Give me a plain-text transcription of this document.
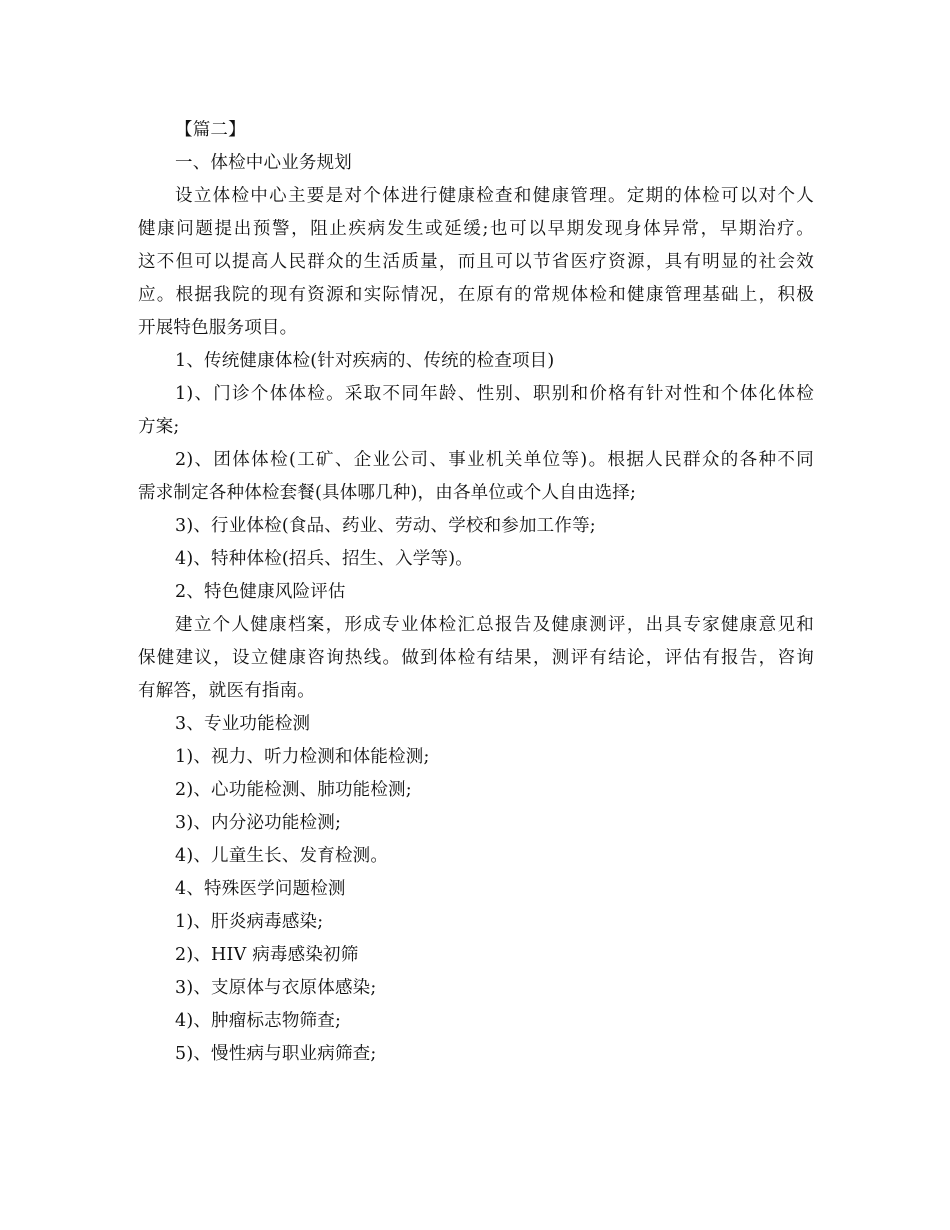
【篇二】

一、体检中心业务规划

设立体检中心主要是对个体进行健康检查和健康管理。定期的体检可以对个人

健康问题提出预警，阻止疾病发生或延缓;也可以早期发现身体异常，早期治疗。

这不但可以提高人民群众的生活质量，而且可以节省医疗资源，具有明显的社会效

应。根据我院的现有资源和实际情况，在原有的常规体检和健康管理基础上，积极

开展特色服务项目。

1、传统健康体检(针对疾病的、传统的检查项目)

1)、门诊个体体检。采取不同年龄、性别、职别和价格有针对性和个体化体检

方案;

2)、团体体检(工矿、企业公司、事业机关单位等)。根据人民群众的各种不同

需求制定各种体检套餐(具体哪几种)，由各单位或个人自由选择;

3)、行业体检(食品、药业、劳动、学校和参加工作等;

4)、特种体检(招兵、招生、入学等)。

2、特色健康风险评估

建立个人健康档案，形成专业体检汇总报告及健康测评，出具专家健康意见和

保健建议，设立健康咨询热线。做到体检有结果，测评有结论，评估有报告，咨询

有解答，就医有指南。

3、专业功能检测

1)、视力、听力检测和体能检测;

2)、心功能检测、肺功能检测;

3)、内分泌功能检测;

4)、儿童生长、发育检测。

4、特殊医学问题检测

1)、肝炎病毒感染;

2)、HIV 病毒感染初筛

3)、支原体与衣原体感染;

4)、肿瘤标志物筛查;

5)、慢性病与职业病筛查;
